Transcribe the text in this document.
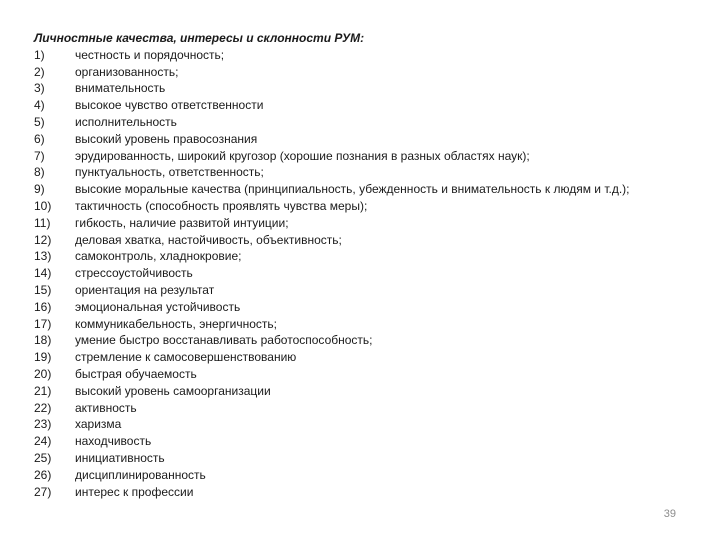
Личностные качества, интересы и склонности РУМ:
1)	честность и порядочность;
2)	организованность;
3)	внимательность
4)	высокое чувство ответственности
5)	исполнительность
6)	высокий уровень правосознания
7)	эрудированность, широкий кругозор (хорошие познания в разных областях наук);
8)	пунктуальность, ответственность;
9)	высокие моральные качества (принципиальность, убежденность и внимательность к людям и т.д.);
10)	тактичность (способность проявлять чувства меры);
11)	гибкость, наличие развитой интуиции;
12)	деловая хватка, настойчивость, объективность;
13)	самоконтроль, хладнокровие;
14)	стрессоустойчивость
15)	ориентация на результат
16)	эмоциональная устойчивость
17)	коммуникабельность, энергичность;
18)	умение быстро восстанавливать работоспособность;
19)	стремление к самосовершенствованию
20)	быстрая обучаемость
21)	высокий уровень самоорганизации
22)	активность
23)	харизма
24)	находчивость
25)	инициативность
26)	дисциплинированность
27)	интерес к профессии
39
